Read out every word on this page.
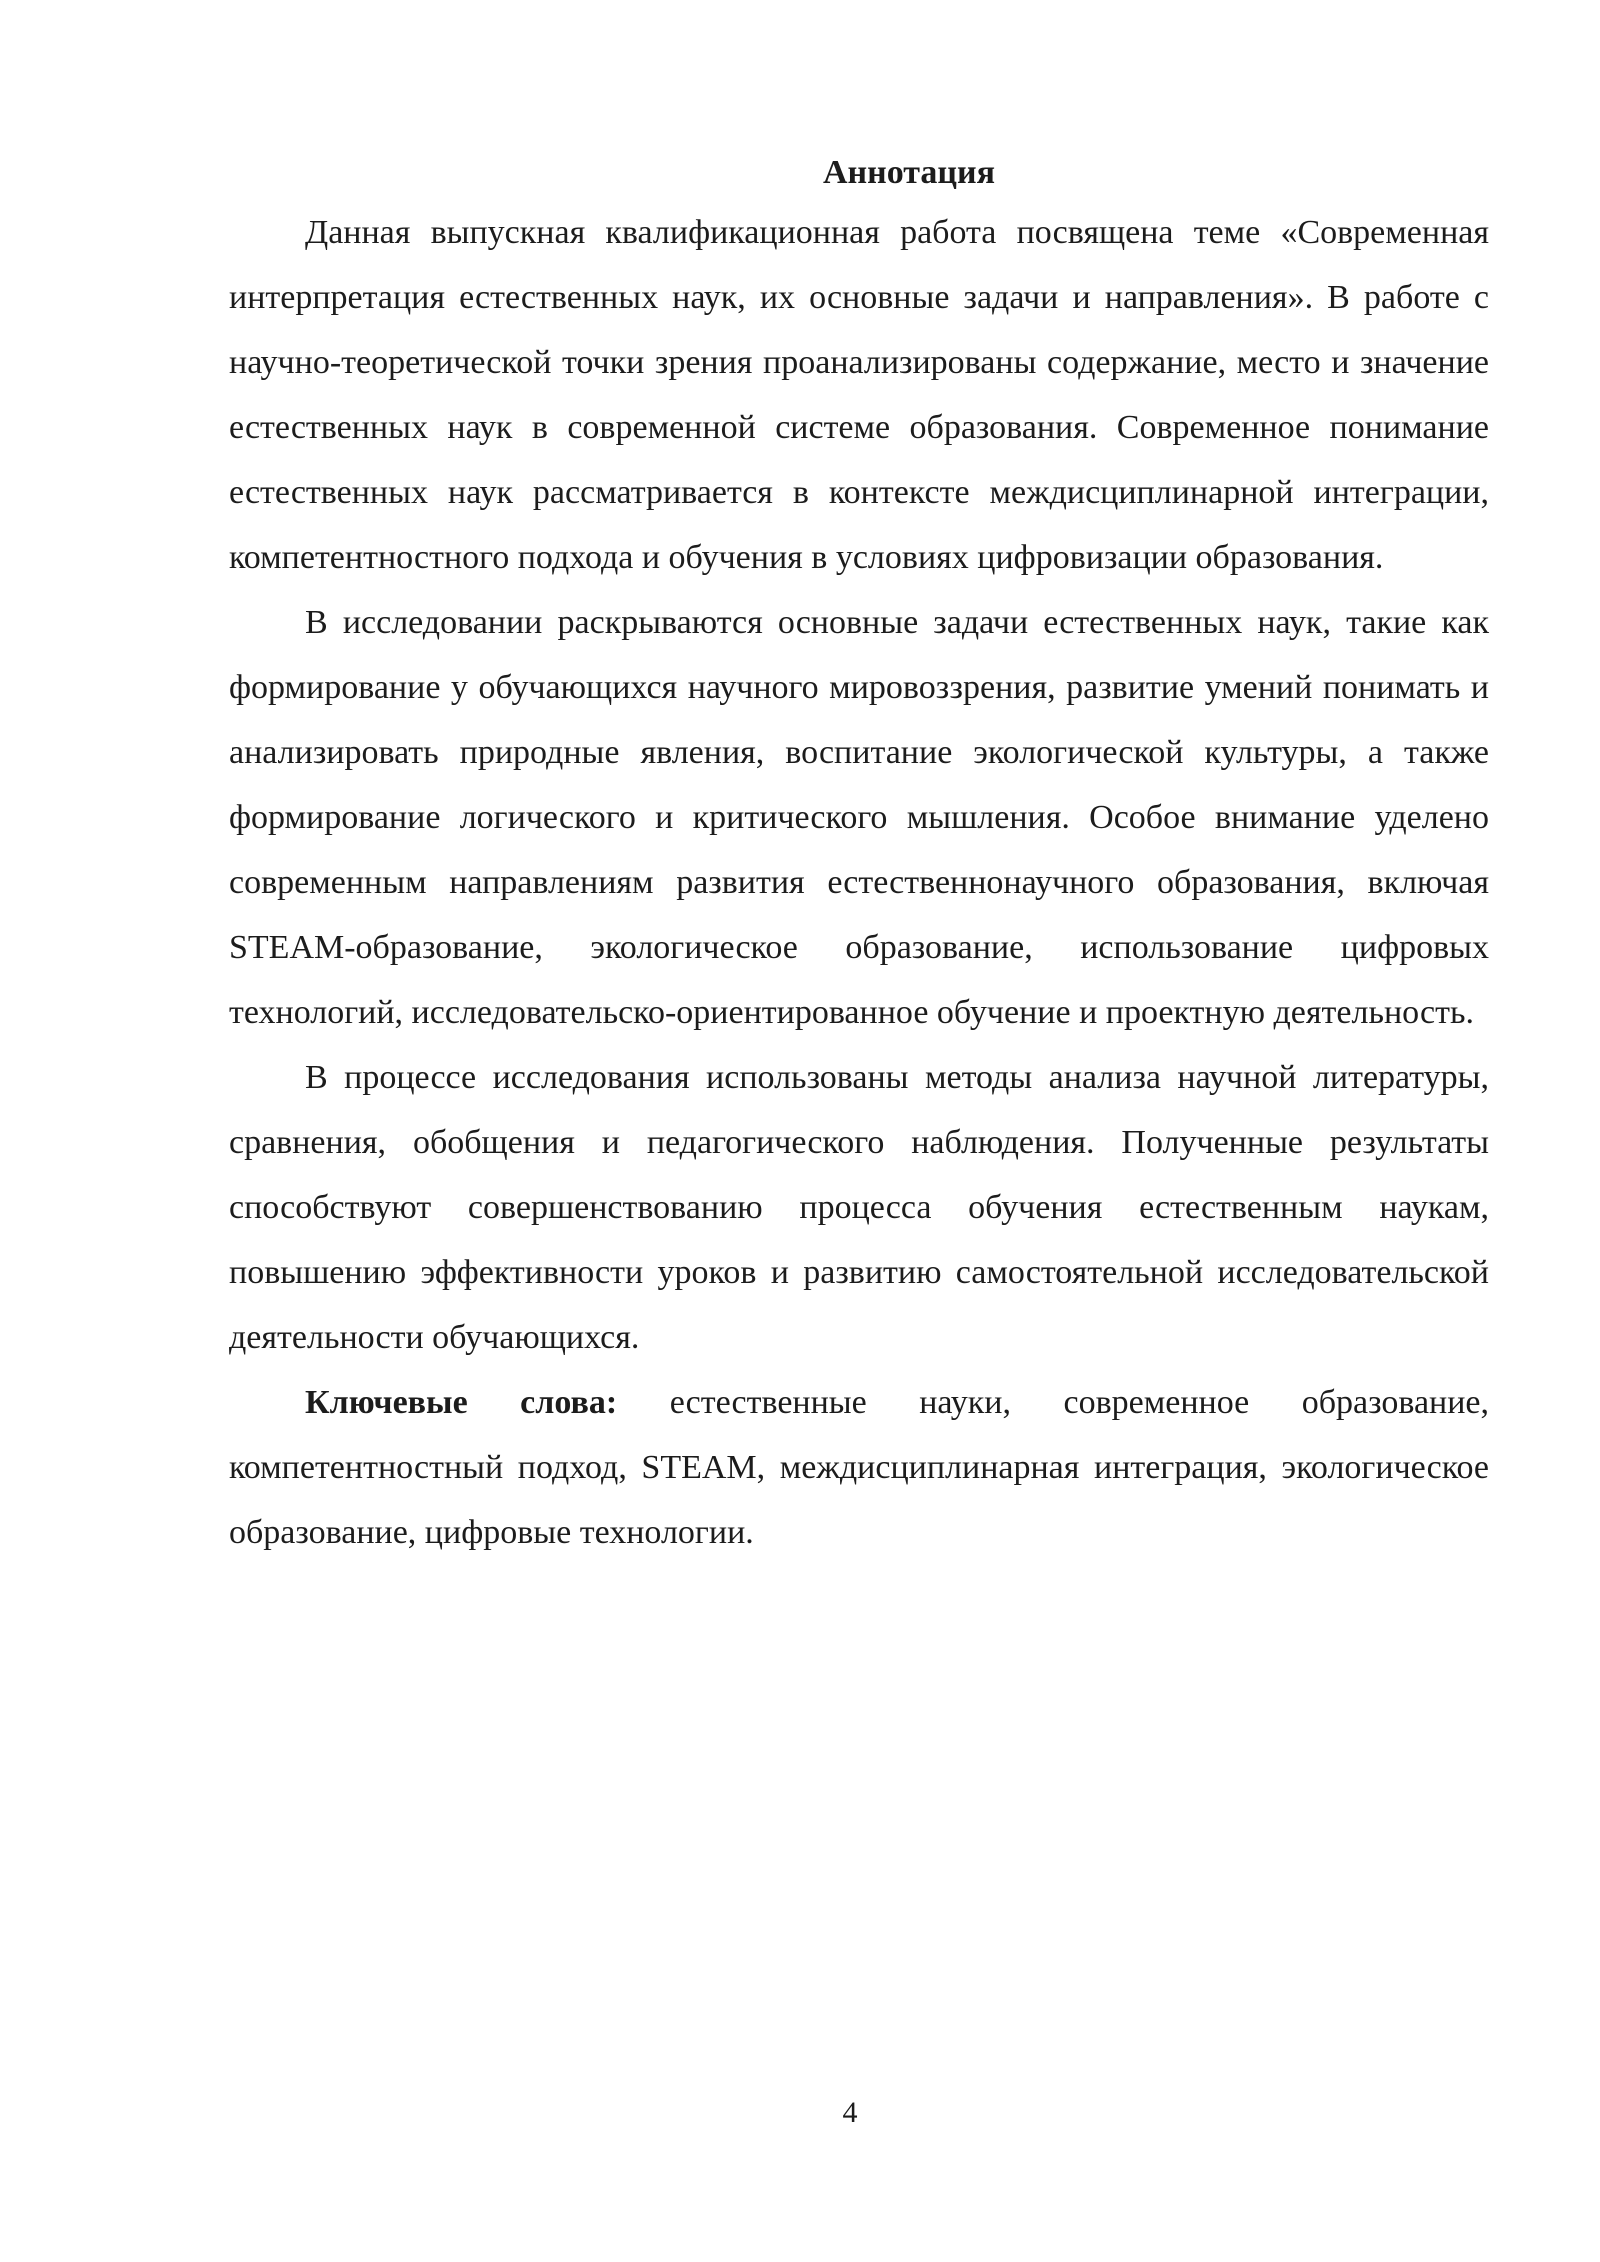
Аннотация

Данная выпускная квалификационная работа посвящена теме «Современная интерпретация естественных наук, их основные задачи и направления». В работе с научно-теоретической точки зрения проанализированы содержание, место и значение естественных наук в современной системе образования. Современное понимание естественных наук рассматривается в контексте междисциплинарной интеграции, компетентностного подхода и обучения в условиях цифровизации образования.

В исследовании раскрываются основные задачи естественных наук, такие как формирование у обучающихся научного мировоззрения, развитие умений понимать и анализировать природные явления, воспитание экологической культуры, а также формирование логического и критического мышления. Особое внимание уделено современным направлениям развития естественнонаучного образования, включая STEAM-образование, экологическое образование, использование цифровых технологий, исследовательско-ориентированное обучение и проектную деятельность.

В процессе исследования использованы методы анализа научной литературы, сравнения, обобщения и педагогического наблюдения. Полученные результаты способствуют совершенствованию процесса обучения естественным наукам, повышению эффективности уроков и развитию самостоятельной исследовательской деятельности обучающихся.

Ключевые слова: естественные науки, современное образование, компетентностный подход, STEAM, междисциплинарная интеграция, экологическое образование, цифровые технологии.

4
